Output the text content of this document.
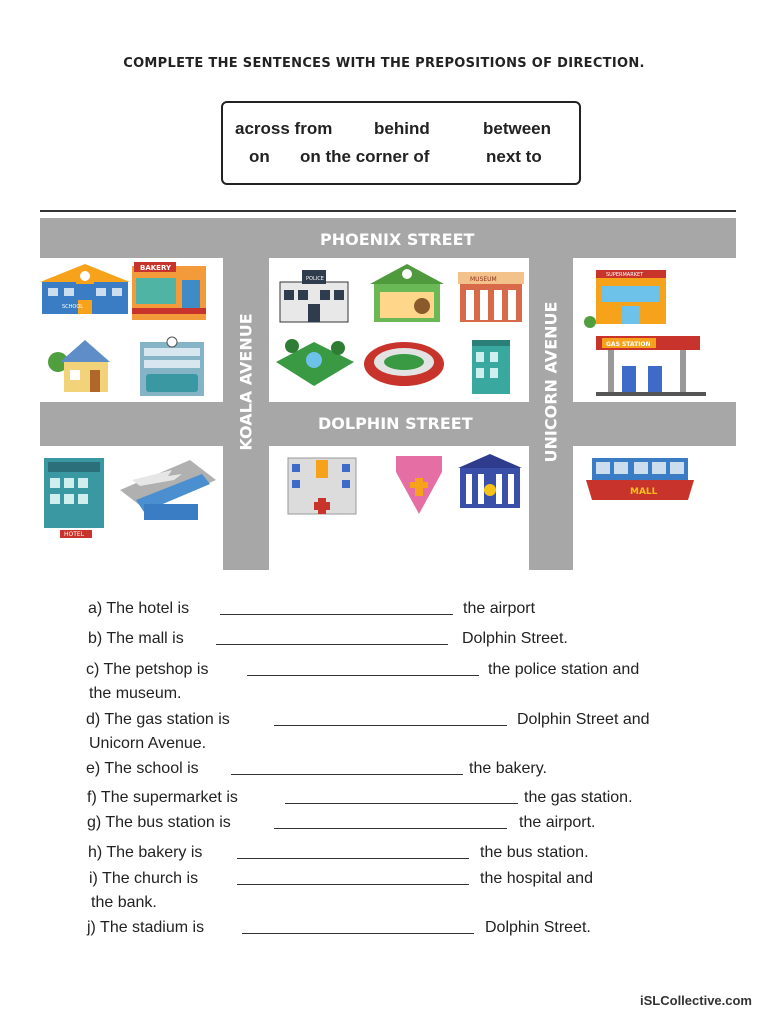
COMPLETE THE SENTENCES WITH THE PREPOSITIONS OF DIRECTION.
across from behind	between
on on the corner of	next to
PHOENIX STREET
DOLPHIN STREET
KOALA AVENUE	UNICORN AVENUE
SCHOOL
BAKERY
POLICE	MUSEUM
SUPERMARKET
GAS STATION
HOTEL
MALL
a) The hotel is	the airport
b) The mall is	Dolphin Street.
c) The petshop is	the police station and
the museum.
d) The gas station is	Dolphin Street and
Unicorn Avenue.
e) The school is	the bakery.
f) The supermarket is	the gas station.
g) The bus station is	the airport.
h) The bakery is	the bus station.
i) The church is	the hospital and
the bank.
j) The stadium is	Dolphin Street.
iSLCollective.com
